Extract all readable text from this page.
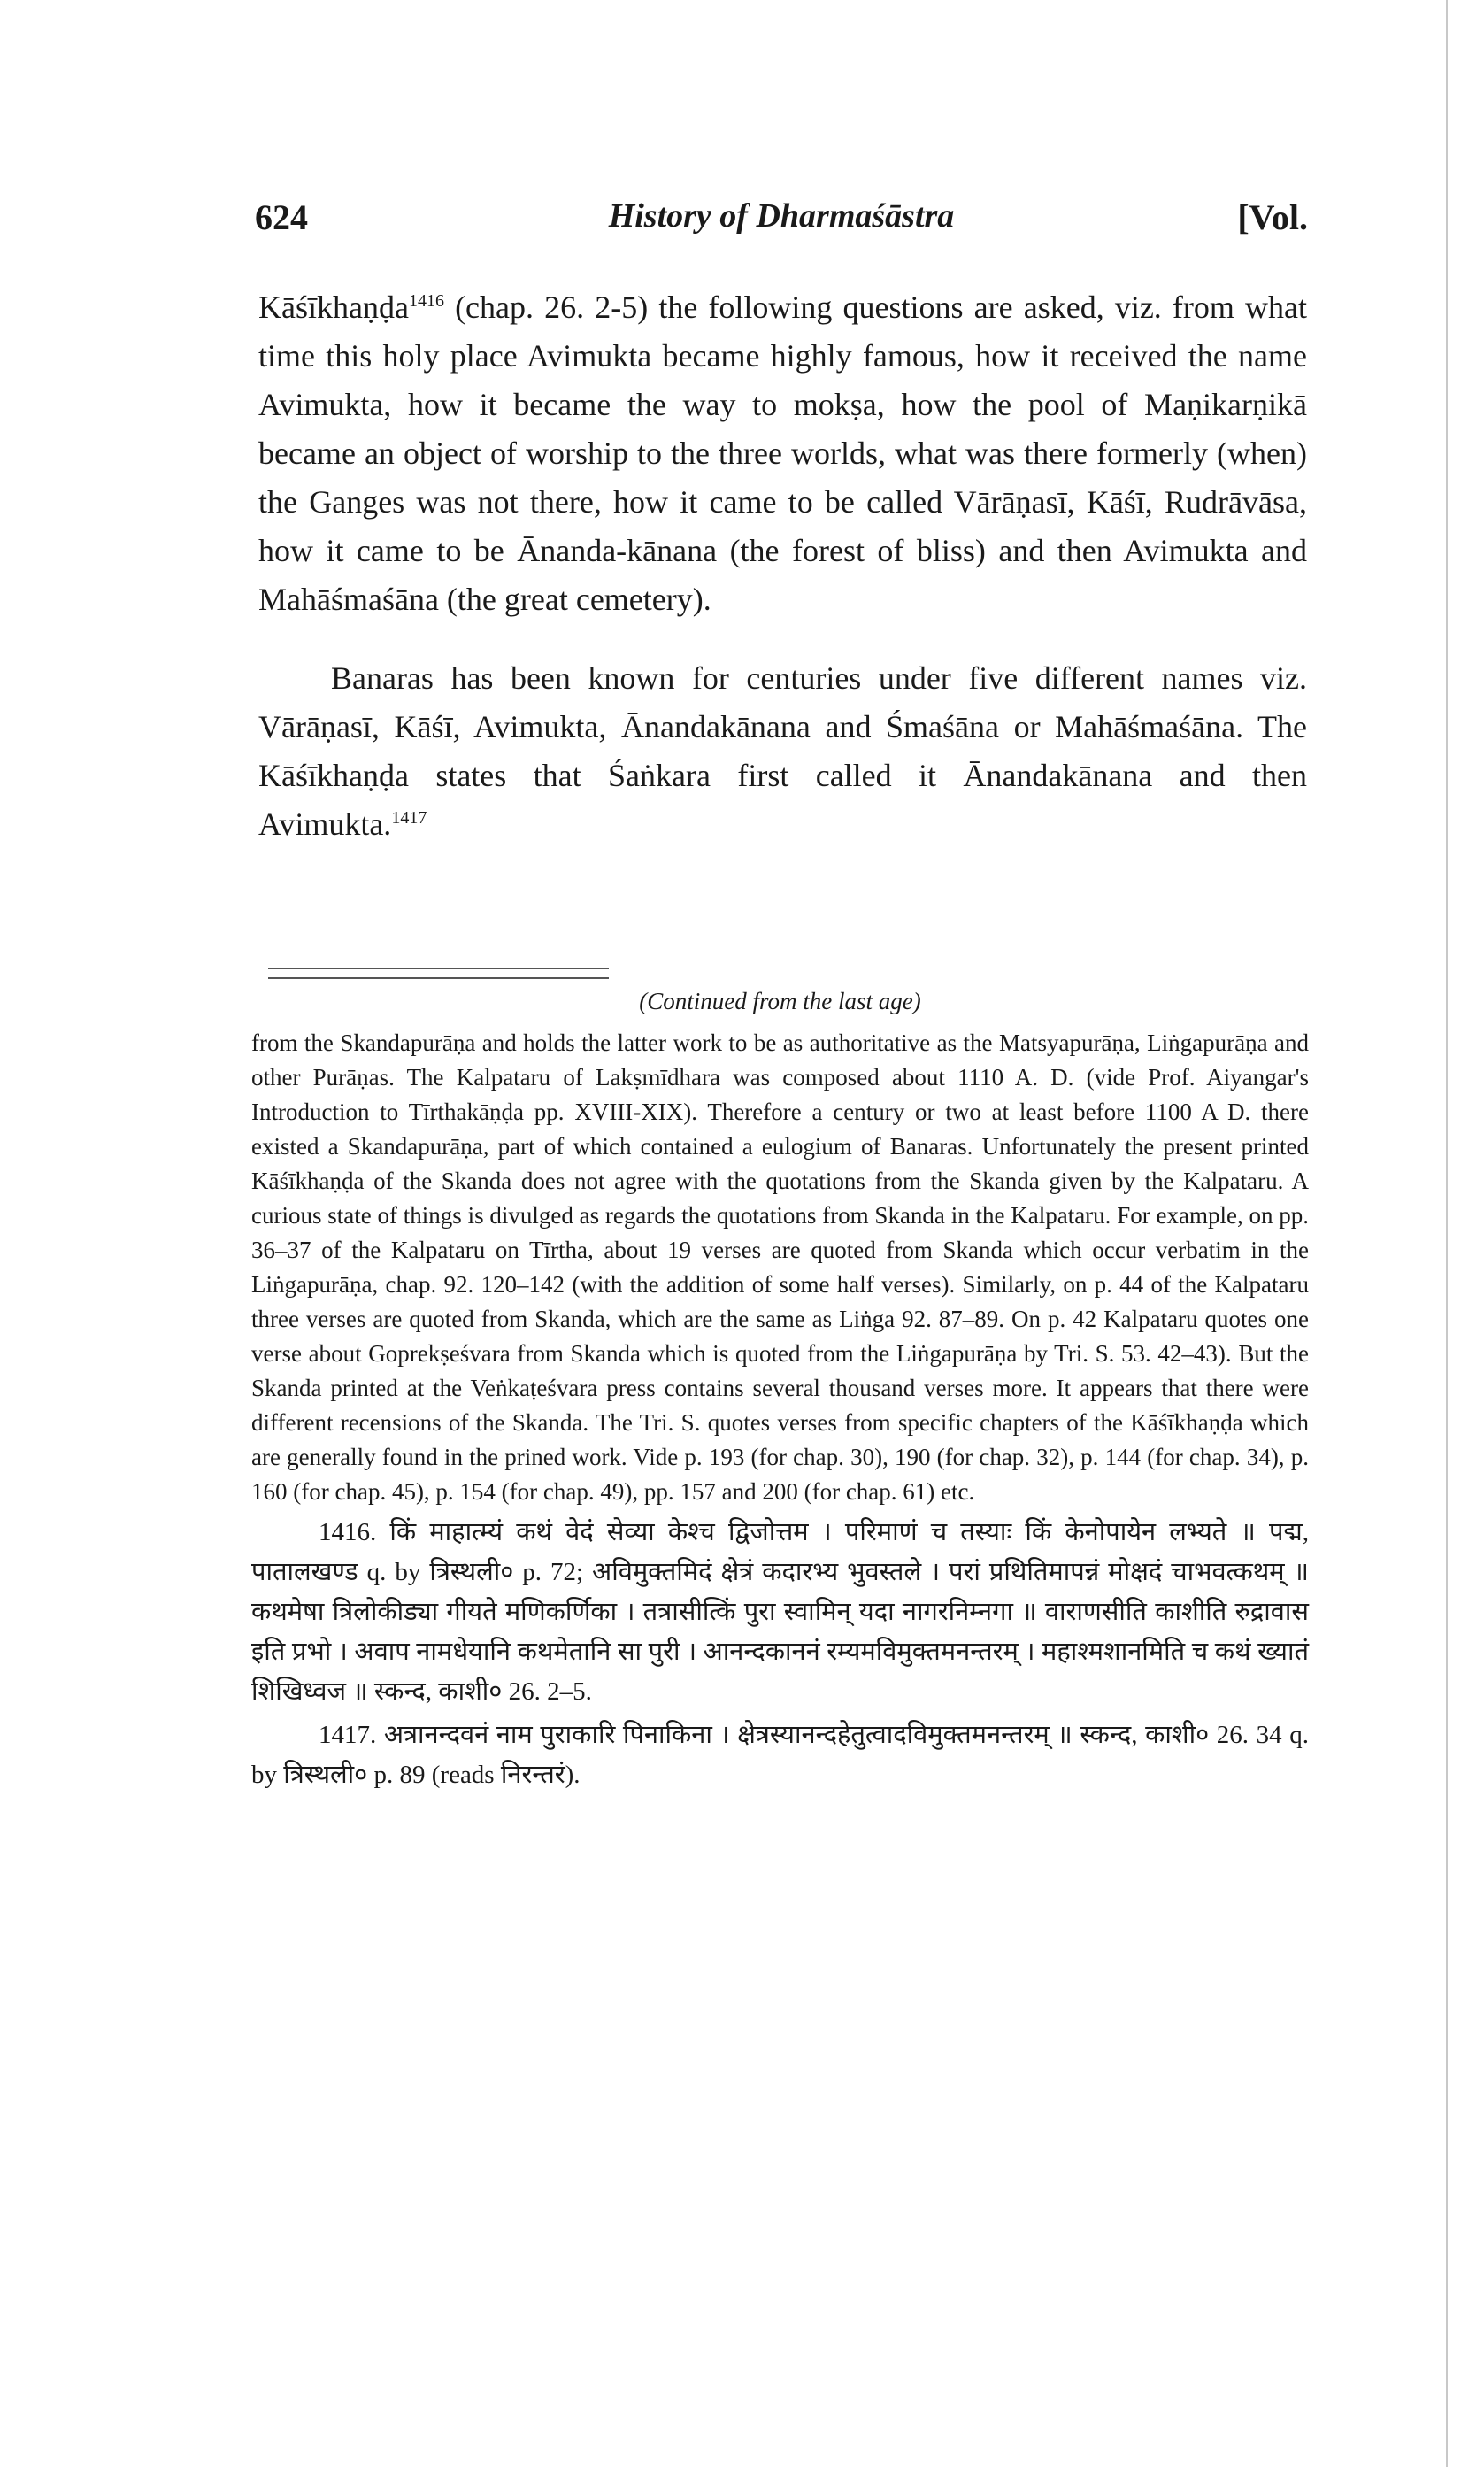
624	History of Dharmaśāstra	[Vol.

Kāśīkhaṇḍa$^{1416}$ (chap. 26. 2-5) the following questions are asked, viz. from what time this holy place Avimukta became highly famous, how it received the name Avimukta, how it became the way to mokṣa, how the pool of Maṇikarṇikā became an object of worship to the three worlds, what was there formerly (when) the Ganges was not there, how it came to be called Vārāṇasī, Kāśī, Rudrāvāsa, how it came to be Ānanda-kānana (the forest of bliss) and then Avimukta and Mahāśmaśāna (the great cemetery).

Banaras has been known for centuries under five different names viz. Vārāṇasī, Kāśī, Avimukta, Ānandakānana and Śmaśāna or Mahāśmaśāna. The Kāśīkhaṇḍa states that Śaṅkara first called it Ānandakānana and then Avimukta.$^{1417}$

(Continued from the last age)

from the Skandapurāṇa and holds the latter work to be as authoritative as the Matsyapurāṇa, Liṅgapurāṇa and other Purāṇas. The Kalpataru of Lakṣmīdhara was composed about 1110 A. D. (vide Prof. Aiyangar's Introduction to Tīrthakāṇḍa pp. XVIII-XIX). Therefore a century or two at least before 1100 A D. there existed a Skandapurāṇa, part of which contained a eulogium of Banaras. Unfortunately the present printed Kāśīkhaṇḍa of the Skanda does not agree with the quotations from the Skanda given by the Kalpataru. A curious state of things is divulged as regards the quotations from Skanda in the Kalpataru. For example, on pp. 36–37 of the Kalpataru on Tīrtha, about 19 verses are quoted from Skanda which occur verbatim in the Liṅgapurāṇa, chap. 92. 120–142 (with the addition of some half verses). Similarly, on p. 44 of the Kalpataru three verses are quoted from Skanda, which are the same as Liṅga 92. 87–89. On p. 42 Kalpataru quotes one verse about Goprekṣeśvara from Skanda which is quoted from the Liṅgapurāṇa by Tri. S. 53. 42–43). But the Skanda printed at the Veṅkaṭeśvara press contains several thousand verses more. It appears that there were different recensions of the Skanda. The Tri. S. quotes verses from specific chapters of the Kāśīkhaṇḍa which are generally found in the prined work. Vide p. 193 (for chap. 30), 190 (for chap. 32), p. 144 (for chap. 34), p. 160 (for chap. 45), p. 154 (for chap. 49), pp. 157 and 200 (for chap. 61) etc.

1416. किं माहात्म्यं कथं वेदं सेव्या केश्च द्विजोत्तम । परिमाणं च तस्याः किं केनोपायेन लभ्यते ॥ पद्म, पातालखण्ड q. by त्रिस्थली० p. 72; अविमुक्तमिदं क्षेत्रं कदारभ्य भुवस्तले । परां प्रथितिमापन्नं मोक्षदं चाभवत्कथम् ॥ कथमेषा त्रिलोकीड्या गीयते मणिकर्णिका । तत्रासीत्किं पुरा स्वामिन् यदा नागरनिम्नगा ॥ वाराणसीति काशीति रुद्रावास इति प्रभो । अवाप नामधेयानि कथमेतानि सा पुरी । आनन्दकाननं रम्यमविमुक्तमनन्तरम् । महाश्मशानमिति च कथं ख्यातं शिखिध्वज ॥ स्कन्द, काशी० 26. 2–5.

1417. अत्रानन्दवनं नाम पुराकारि पिनाकिना । क्षेत्रस्यानन्दहेतुत्वादविमुक्तमनन्तरम् ॥ स्कन्द, काशी० 26. 34 q. by त्रिस्थली० p. 89 (reads निरन्तरं).
